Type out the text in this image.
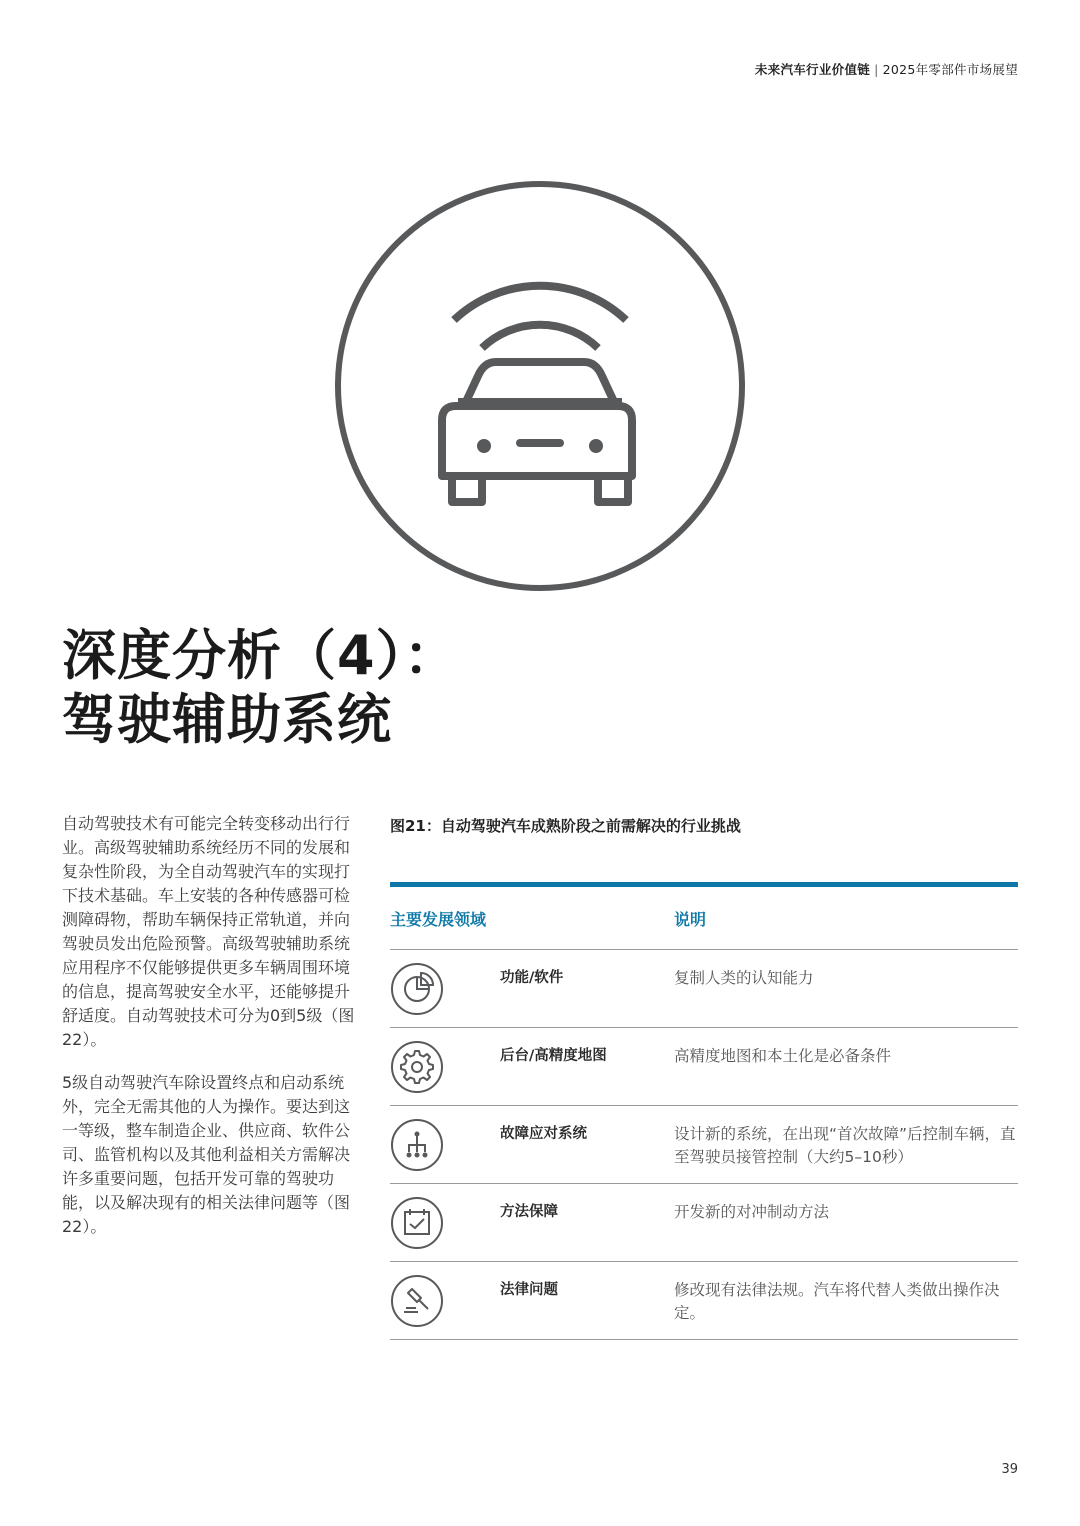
未来汽车行业价值链 | 2025年零部件市场展望
深度分析（4）：
驾驶辅助系统

自动驾驶技术有可能完全转变移动出行行业。高级驾驶辅助系统经历不同的发展和复杂性阶段，为全自动驾驶汽车的实现打下技术基础。车上安装的各种传感器可检测障碍物，帮助车辆保持正常轨道，并向驾驶员发出危险预警。高级驾驶辅助系统应用程序不仅能够提供更多车辆周围环境的信息，提高驾驶安全水平，还能够提升舒适度。自动驾驶技术可分为0到5级（图22）。

5级自动驾驶汽车除设置终点和启动系统外，完全无需其他的人为操作。要达到这一等级，整车制造企业、供应商、软件公司、监管机构以及其他利益相关方需解决许多重要问题，包括开发可靠的驾驶功能，以及解决现有的相关法律问题等（图22）。

图21：自动驾驶汽车成熟阶段之前需解决的行业挑战

主要发展领域	说明
功能/软件	复制人类的认知能力
后台/高精度地图	高精度地图和本土化是必备条件
故障应对系统	设计新的系统，在出现“首次故障”后控制车辆，直至驾驶员接管控制（大约5–10秒）
方法保障	开发新的对冲制动方法
法律问题	修改现有法律法规。汽车将代替人类做出操作决定。
39
